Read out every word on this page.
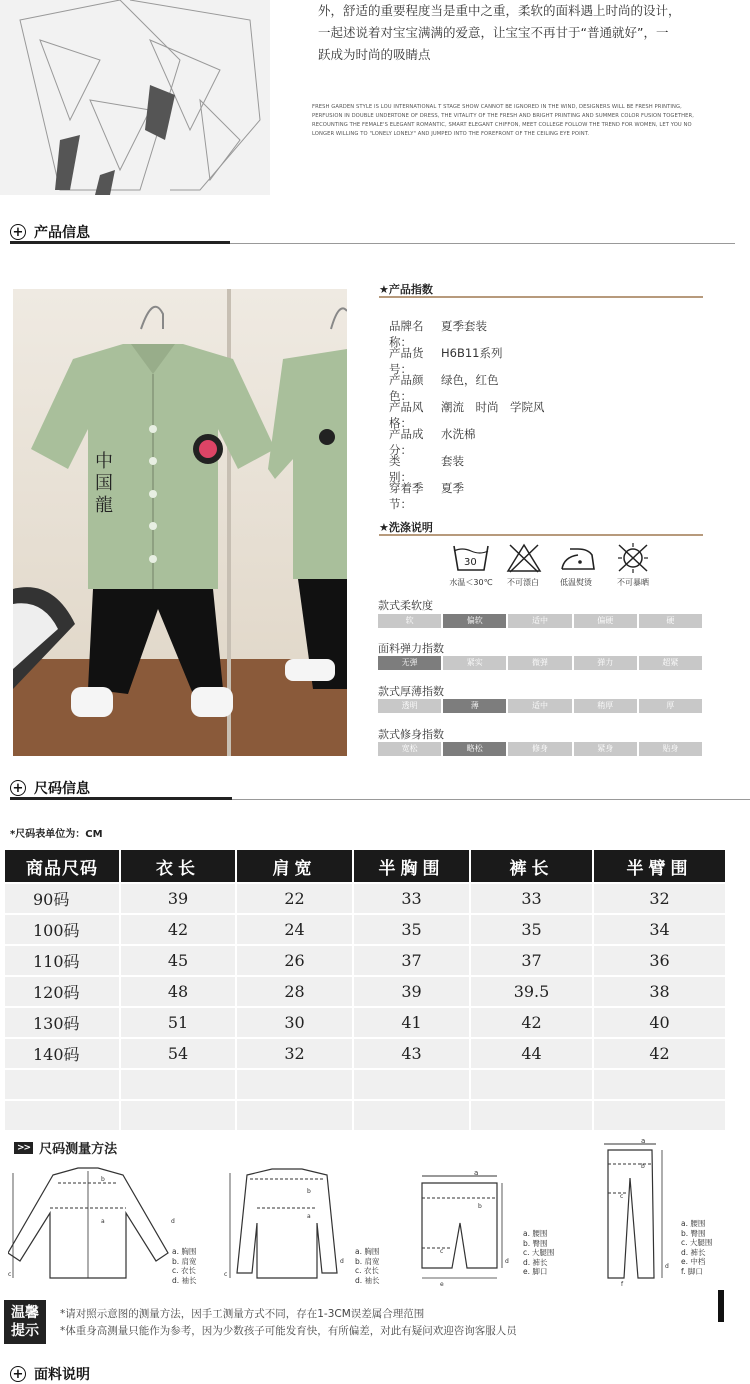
外，舒适的重要程度当是重中之重，柔软的面料遇上时尚的设计，
一起述说着对宝宝满满的爱意，让宝宝不再甘于“普通就好”，一
跃成为时尚的吸睛点
FRESH GARDEN STYLE IS LOU INTERNATIONAL T STAGE SHOW CANNOT BE IGNORED IN THE WIND, DESIGNERS WILL BE FRESH PRINTING, PERFUSION IN DOUBLE UNDERTONE OF DRESS, THE VITALITY OF THE FRESH AND BRIGHT PRINTING AND SUMMER COLOR FUSION TOGETHER, RECOUNTING THE FEMALE'S ELEGANT ROMANTIC, SMART ELEGANT CHIFFON, MEET COLLEGE FOLLOW THE TREND FOR WOMEN, LET YOU NO LONGER WILLING TO "LONELY LONELY" AND JUMPED INTO THE FOREFRONT OF THE CEILING EYE POINT.
+ 产品信息
中
国
龍
★产品指数
品牌名称：
夏季套装
产品货号：
H6B11系列
产品颜色：
绿色，红色
产品风格：
潮流　时尚　学院风
产品成分：
水洗棉
类　　别：
套装
穿着季节：
夏季
★洗涤说明
30
水温＜30℃	不可漂白	低温熨烫	不可暴晒
款式柔软度
软	偏软	适中	偏硬	硬
面料弹力指数
无弹	紧实	微弹	弹力	超紧
款式厚薄指数
透明	薄	适中	稍厚	厚
款式修身指数
宽松	略松	修身	紧身	贴身
+ 尺码信息
*尺码表单位为：CM
商品尺码	衣长	肩宽	半胸围	裤长	半臂围
90码	39	22	33	33	32
100码	42	24	35	35	34
110码	45	26	37	37	36
120码	48	28	39	39.5	38
130码	51	30	41	42	40
140码	54	32	43	44	42

>> 尺码测量方法
b
a
c
d
a. 胸围
b. 肩宽
c. 衣长
d. 袖长
b
a
c
d
a. 胸围
b. 肩宽
c. 衣长
d. 袖长
a
b
c
d
e
a. 腰围
b. 臀围
c. 大腿围
d. 裤长
e. 脚口
a
b
c
d
f
a. 腰围
b. 臀围
c. 大腿围
d. 裤长
e. 中档
f. 脚口
温馨提示
*请对照示意图的测量方法，因手工测量方式不同，存在1-3CM误差属合理范围
*体重身高测量只能作为参考，因为少数孩子可能发育快，有所偏差，对此有疑问欢迎咨询客服人员
+ 面料说明
